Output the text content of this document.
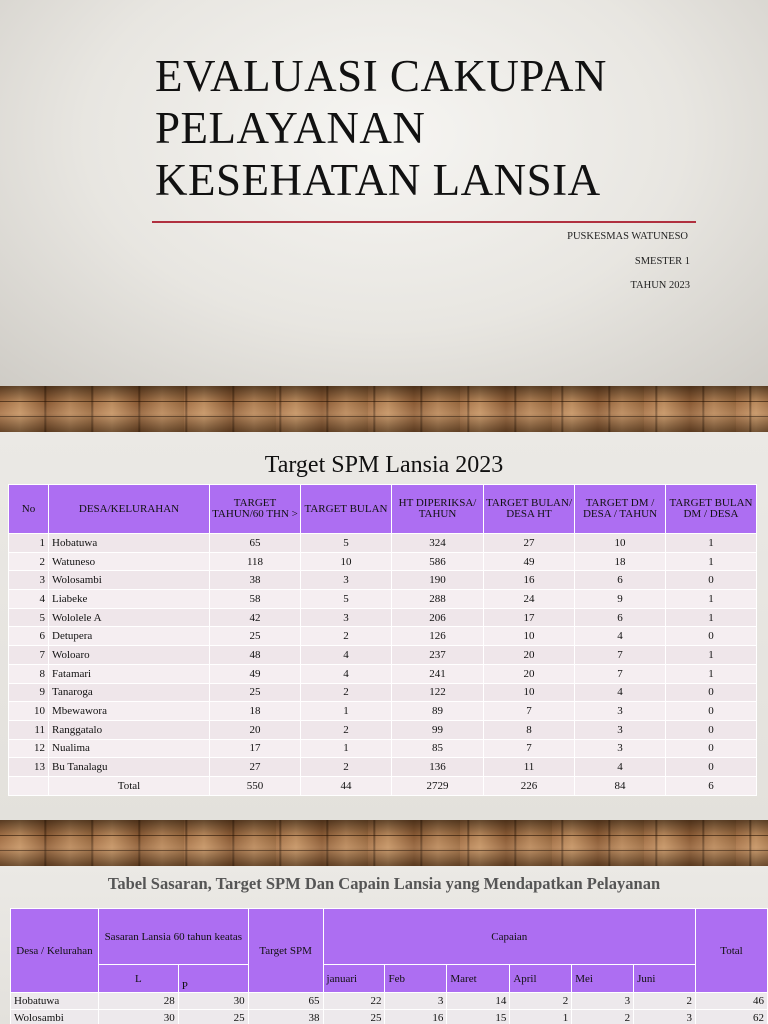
EVALUASI CAKUPAN
PELAYANAN
KESEHATAN LANSIA
PUSKESMAS WATUNESO
SMESTER 1
TAHUN 2023
Target SPM Lansia 2023
No	DESA/KELURAHAN	TARGET TAHUN/60 THN >	TARGET BULAN	HT DIPERIKSA/ TAHUN	TARGET BULAN/ DESA HT	TARGET DM / DESA / TAHUN	TARGET BULAN DM / DESA
1	Hobatuwa	65	5	324	27	10	1
2	Watuneso	118	10	586	49	18	1
3	Wolosambi	38	3	190	16	6	0
4	Liabeke	58	5	288	24	9	1
5	Wololele A	42	3	206	17	6	1
6	Detupera	25	2	126	10	4	0
7	Woloaro	48	4	237	20	7	1
8	Fatamari	49	4	241	20	7	1
9	Tanaroga	25	2	122	10	4	0
10	Mbewawora	18	1	89	7	3	0
11	Ranggatalo	20	2	99	8	3	0
12	Nualima	17	1	85	7	3	0
13	Bu Tanalagu	27	2	136	11	4	0
	Total	550	44	2729	226	84	6
Tabel Sasaran, Target SPM Dan Capain Lansia yang Mendapatkan Pelayanan
Desa / Kelurahan	Sasaran Lansia 60 tahun keatas		Target SPM	Capaian						Total
	L	P		januari	Feb	Maret	April	Mei	Juni	
Hobatuwa	28	30	65	22	3	14	2	3	2	46
Wolosambi	30	25	38	25	16	15	1	2	3	62
